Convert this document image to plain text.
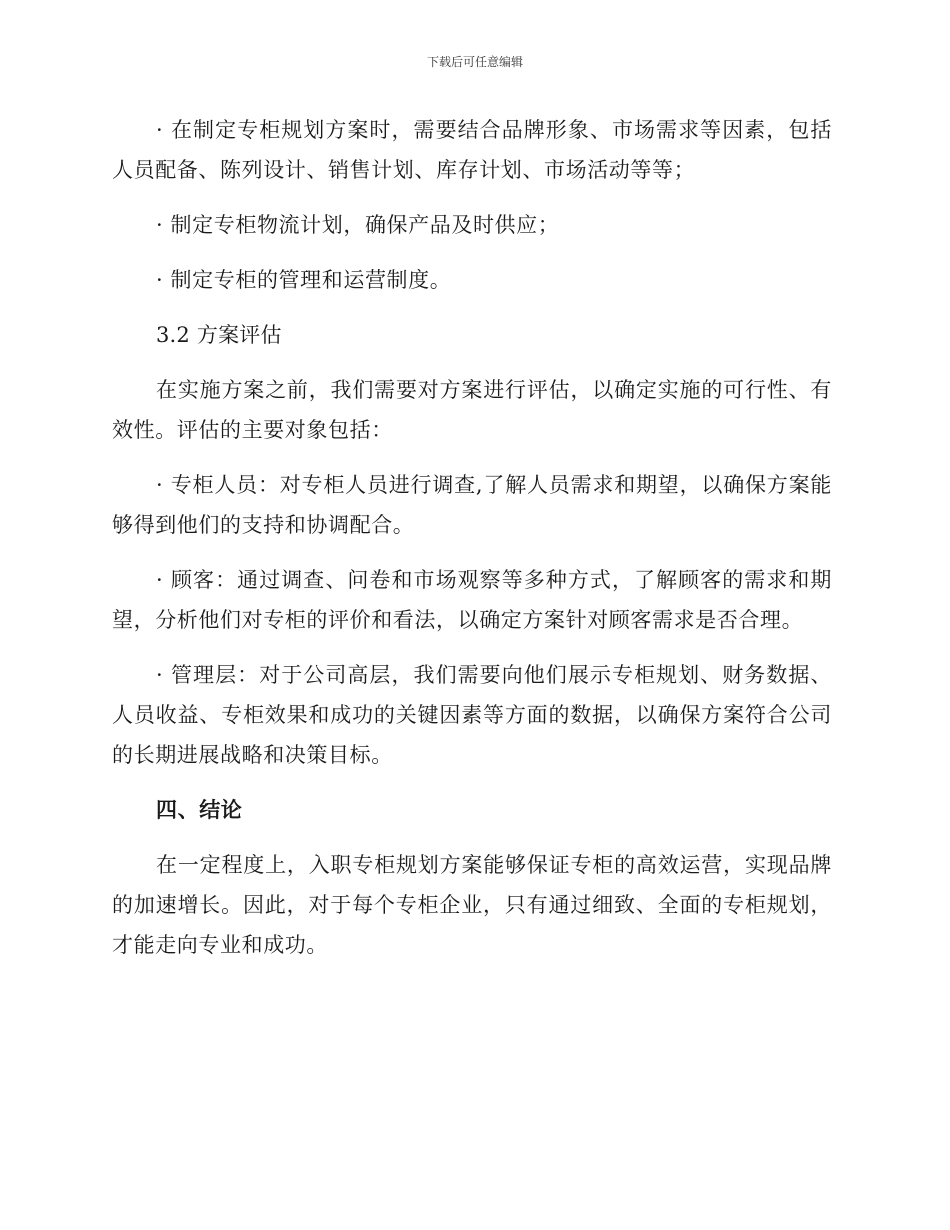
下载后可任意编辑

· 在制定专柜规划方案时，需要结合品牌形象、市场需求等因素，包括人员配备、陈列设计、销售计划、库存计划、市场活动等等；

· 制定专柜物流计划，确保产品及时供应；

· 制定专柜的管理和运营制度。

3.2 方案评估

在实施方案之前，我们需要对方案进行评估，以确定实施的可行性、有效性。评估的主要对象包括：

· 专柜人员：对专柜人员进行调查,了解人员需求和期望，以确保方案能够得到他们的支持和协调配合。

· 顾客：通过调查、问卷和市场观察等多种方式，了解顾客的需求和期望，分析他们对专柜的评价和看法，以确定方案针对顾客需求是否合理。

· 管理层：对于公司高层，我们需要向他们展示专柜规划、财务数据、人员收益、专柜效果和成功的关键因素等方面的数据，以确保方案符合公司的长期进展战略和决策目标。

四、结论

在一定程度上，入职专柜规划方案能够保证专柜的高效运营，实现品牌的加速增长。因此，对于每个专柜企业，只有通过细致、全面的专柜规划，才能走向专业和成功。
